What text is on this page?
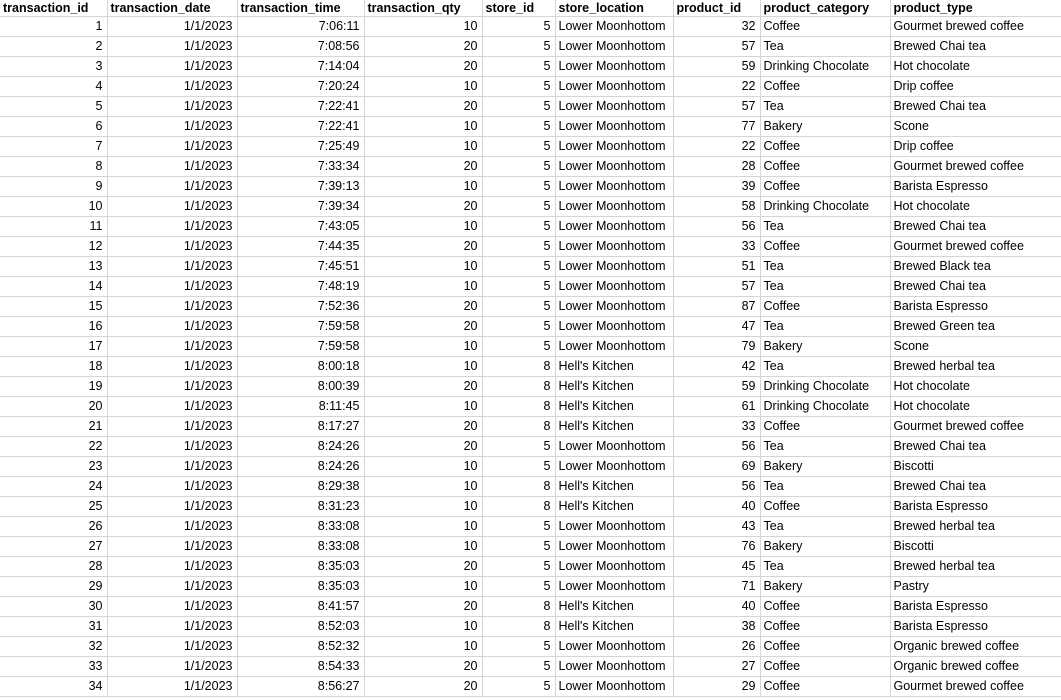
transaction_id	transaction_date	transaction_time	transaction_qty	store_id	store_location	product_id	product_category	product_type
1	1/1/2023	7:06:11	10	5	Lower Moonhottom	32	Coffee	Gourmet brewed coffee
2	1/1/2023	7:08:56	20	5	Lower Moonhottom	57	Tea	Brewed Chai tea
3	1/1/2023	7:14:04	20	5	Lower Moonhottom	59	Drinking Chocolate	Hot chocolate
4	1/1/2023	7:20:24	10	5	Lower Moonhottom	22	Coffee	Drip coffee
5	1/1/2023	7:22:41	20	5	Lower Moonhottom	57	Tea	Brewed Chai tea
6	1/1/2023	7:22:41	10	5	Lower Moonhottom	77	Bakery	Scone
7	1/1/2023	7:25:49	10	5	Lower Moonhottom	22	Coffee	Drip coffee
8	1/1/2023	7:33:34	20	5	Lower Moonhottom	28	Coffee	Gourmet brewed coffee
9	1/1/2023	7:39:13	10	5	Lower Moonhottom	39	Coffee	Barista Espresso
10	1/1/2023	7:39:34	20	5	Lower Moonhottom	58	Drinking Chocolate	Hot chocolate
11	1/1/2023	7:43:05	10	5	Lower Moonhottom	56	Tea	Brewed Chai tea
12	1/1/2023	7:44:35	20	5	Lower Moonhottom	33	Coffee	Gourmet brewed coffee
13	1/1/2023	7:45:51	10	5	Lower Moonhottom	51	Tea	Brewed Black tea
14	1/1/2023	7:48:19	10	5	Lower Moonhottom	57	Tea	Brewed Chai tea
15	1/1/2023	7:52:36	20	5	Lower Moonhottom	87	Coffee	Barista Espresso
16	1/1/2023	7:59:58	20	5	Lower Moonhottom	47	Tea	Brewed Green tea
17	1/1/2023	7:59:58	10	5	Lower Moonhottom	79	Bakery	Scone
18	1/1/2023	8:00:18	10	8	Hell's Kitchen	42	Tea	Brewed herbal tea
19	1/1/2023	8:00:39	20	8	Hell's Kitchen	59	Drinking Chocolate	Hot chocolate
20	1/1/2023	8:11:45	10	8	Hell's Kitchen	61	Drinking Chocolate	Hot chocolate
21	1/1/2023	8:17:27	20	8	Hell's Kitchen	33	Coffee	Gourmet brewed coffee
22	1/1/2023	8:24:26	20	5	Lower Moonhottom	56	Tea	Brewed Chai tea
23	1/1/2023	8:24:26	10	5	Lower Moonhottom	69	Bakery	Biscotti
24	1/1/2023	8:29:38	10	8	Hell's Kitchen	56	Tea	Brewed Chai tea
25	1/1/2023	8:31:23	10	8	Hell's Kitchen	40	Coffee	Barista Espresso
26	1/1/2023	8:33:08	10	5	Lower Moonhottom	43	Tea	Brewed herbal tea
27	1/1/2023	8:33:08	10	5	Lower Moonhottom	76	Bakery	Biscotti
28	1/1/2023	8:35:03	20	5	Lower Moonhottom	45	Tea	Brewed herbal tea
29	1/1/2023	8:35:03	10	5	Lower Moonhottom	71	Bakery	Pastry
30	1/1/2023	8:41:57	20	8	Hell's Kitchen	40	Coffee	Barista Espresso
31	1/1/2023	8:52:03	10	8	Hell's Kitchen	38	Coffee	Barista Espresso
32	1/1/2023	8:52:32	10	5	Lower Moonhottom	26	Coffee	Organic brewed coffee
33	1/1/2023	8:54:33	20	5	Lower Moonhottom	27	Coffee	Organic brewed coffee
34	1/1/2023	8:56:27	20	5	Lower Moonhottom	29	Coffee	Gourmet brewed coffee
